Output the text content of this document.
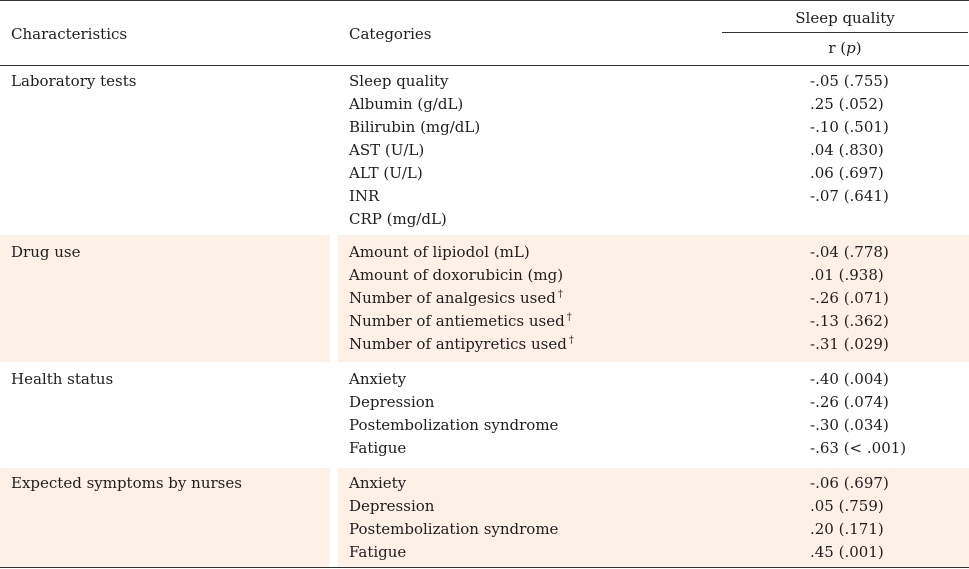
Characteristics	Categories
Sleep quality
r (p)
Laboratory tests	Sleep quality	-.05 (.755)
Albumin (g/dL)	.25 (.052)
Bilirubin (mg/dL)	-.10 (.501)
AST (U/L)	.04 (.830)
ALT (U/L)	.06 (.697)
INR	-.07 (.641)
CRP (mg/dL)
Drug use	Amount of lipiodol (mL)	-.04 (.778)
Amount of doxorubicin (mg)	.01 (.938)
Number of analgesics used †	-.26 (.071)
Number of antiemetics used †	-.13 (.362)
Number of antipyretics used †	-.31 (.029)
Health status	Anxiety	-.40 (.004)
Depression	-.26 (.074)
Postembolization syndrome	-.30 (.034)
Fatigue	-.63 (< .001)
Expected symptoms by nurses	Anxiety	-.06 (.697)
Depression	.05 (.759)
Postembolization syndrome	.20 (.171)
Fatigue	.45 (.001)
